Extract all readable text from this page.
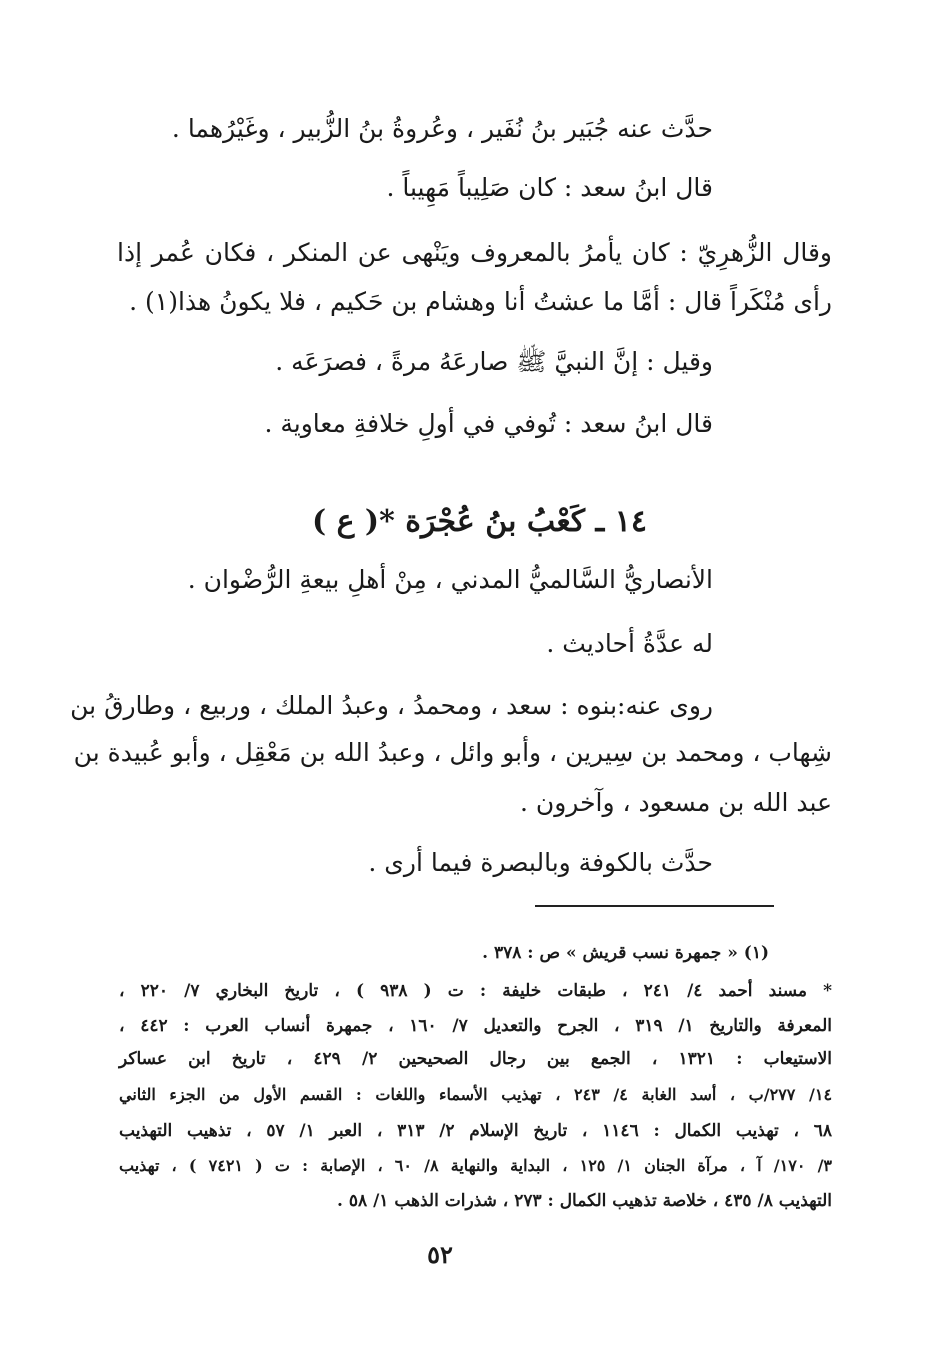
حدَّث عنه جُبَير بنُ نُفَير ، وعُروةُ بنُ الزُّبير ، وغَيْرُهما .
قال ابنُ سعد : كان صَلِيباً مَهِيباً .
وقال الزُّهرِيّ : كان يأمرُ بالمعروف ويَنْهى عن المنكر ، فكان عُمر إذا
رأى مُنْكَراً قال : أمَّا ما عشتُ أنا وهشام بن حَكيم ، فلا يكونُ هذا(١) .
وقيل : إنَّ النبيَّ ﷺ صارعَهُ مرةً ، فصرَعَه .
قال ابنُ سعد : تُوفي في أولِ خلافةِ معاوية .
١٤ ـ كَعْبُ بنُ عُجْرَة *( ع )
الأنصاريُّ السَّالميُّ المدني ، مِنْ أهلِ بيعةِ الرُّضْوان .
له عدَّةُ أحاديث .
روى عنه:بنوه : سعد ، ومحمدُ ، وعبدُ الملك ، وربيع ، وطارقُ بن
شِهاب ، ومحمد بن سِيرين ، وأبو وائل ، وعبدُ الله بن مَعْقِل ، وأبو عُبيدة بن
عبد الله بن مسعود ، وآخرون .
حدَّث بالكوفة وبالبصرة فيما أرى .
(١) « جمهرة نسب قريش » ص : ٣٧٨ .
* مسند أحمد ٤/ ٢٤١ ، طبقات خليفة : ت ( ٩٣٨ ) ، تاريخ البخاري ٧/ ٢٢٠ ،
المعرفة والتاريخ ١/ ٣١٩ ، الجرح والتعديل ٧/ ١٦٠ ، جمهرة أنساب العرب : ٤٤٢ ،
الاستيعاب : ١٣٢١ ، الجمع بين رجال الصحيحين ٢/ ٤٢٩ ، تاريخ ابن عساكر
١٤/ ٢٧٧/ب ، أسد الغابة ٤/ ٢٤٣ ، تهذيب الأسماء واللغات : القسم الأول من الجزء الثاني
٦٨ ، تهذيب الكمال : ١١٤٦ ، تاريخ الإسلام ٢/ ٣١٣ ، العبر ١/ ٥٧ ، تذهيب التهذيب
٣/ ١٧٠/ آ ، مرآة الجنان ١/ ١٢٥ ، البداية والنهاية ٨/ ٦٠ ، الإصابة : ت ( ٧٤٢١ ) ، تهذيب
التهذيب ٨/ ٤٣٥ ، خلاصة تذهيب الكمال : ٢٧٣ ، شذرات الذهب ١/ ٥٨ .
٥٢
